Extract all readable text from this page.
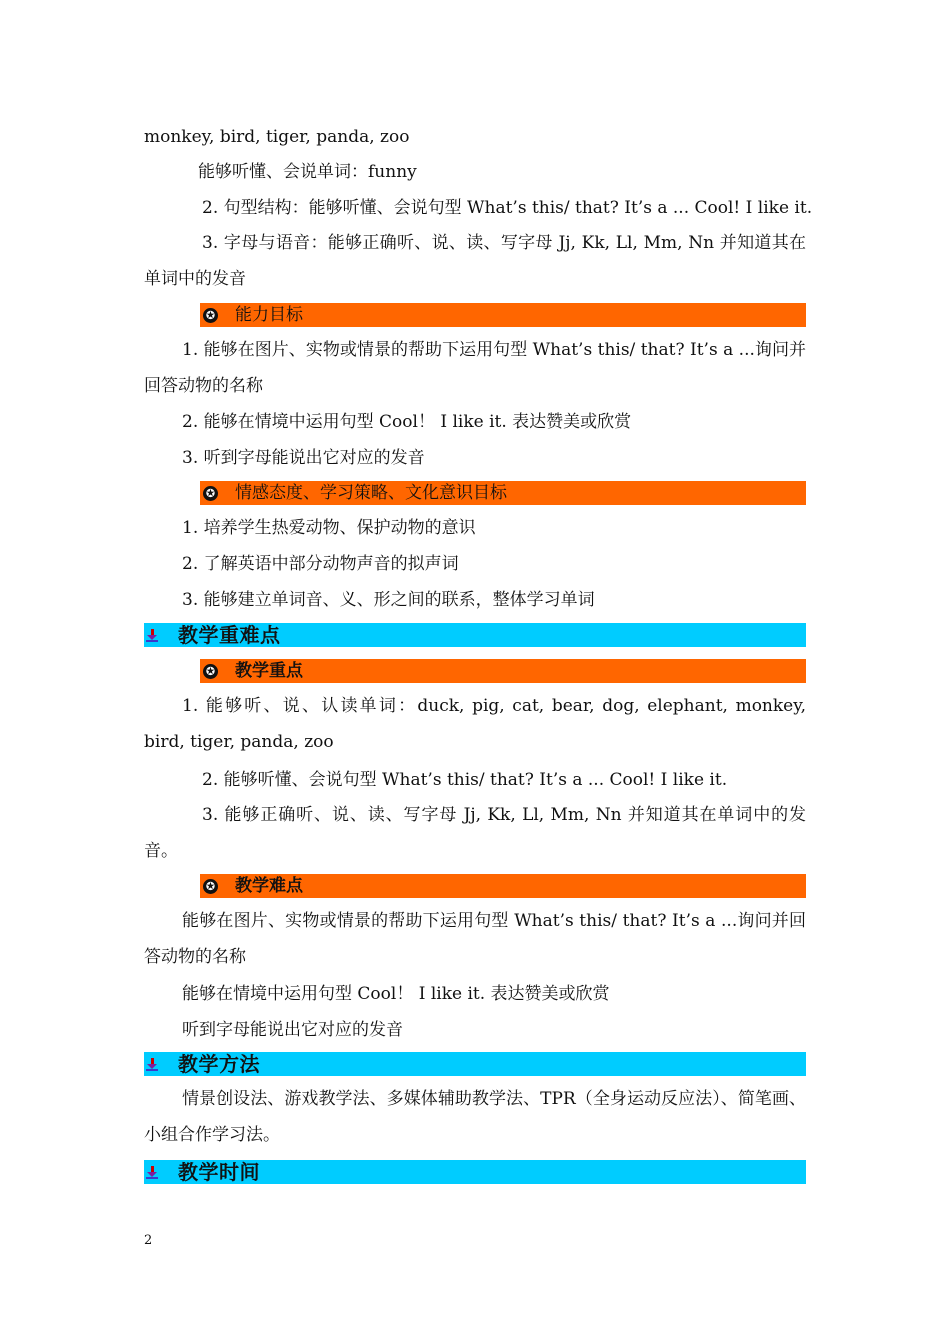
monkey, bird, tiger, panda, zoo
能够听懂、会说单词：funny
2. 句型结构：能够听懂、会说句型 What’s this/ that? It’s a ... Cool! I like it.
3. 字母与语音：能够正确听、说、读、写字母 Jj, Kk, Ll, Mm, Nn 并知道其在单词中的发音
✪ 能力目标
1. 能够在图片、实物或情景的帮助下运用句型 What’s this/ that? It’s a ...询问并回答动物的名称
2. 能够在情境中运用句型 Cool！ I like it. 表达赞美或欣赏
3. 听到字母能说出它对应的发音
✪ 情感态度、学习策略、文化意识目标
1. 培养学生热爱动物、保护动物的意识
2. 了解英语中部分动物声音的拟声词
3. 能够建立单词音、义、形之间的联系，整体学习单词
教学重难点
✪ 教学重点
1. 能够听、说、认读单词：duck, pig, cat, bear, dog, elephant, monkey, bird, tiger, panda, zoo
2. 能够听懂、会说句型 What’s this/ that? It’s a ... Cool! I like it.
3. 能够正确听、说、读、写字母 Jj, Kk, Ll, Mm, Nn 并知道其在单词中的发音。
✪ 教学难点
能够在图片、实物或情景的帮助下运用句型 What’s this/ that? It’s a ...询问并回答动物的名称
能够在情境中运用句型 Cool！ I like it. 表达赞美或欣赏
听到字母能说出它对应的发音
教学方法
情景创设法、游戏教学法、多媒体辅助教学法、TPR（全身运动反应法）、简笔画、小组合作学习法。
教学时间
2
